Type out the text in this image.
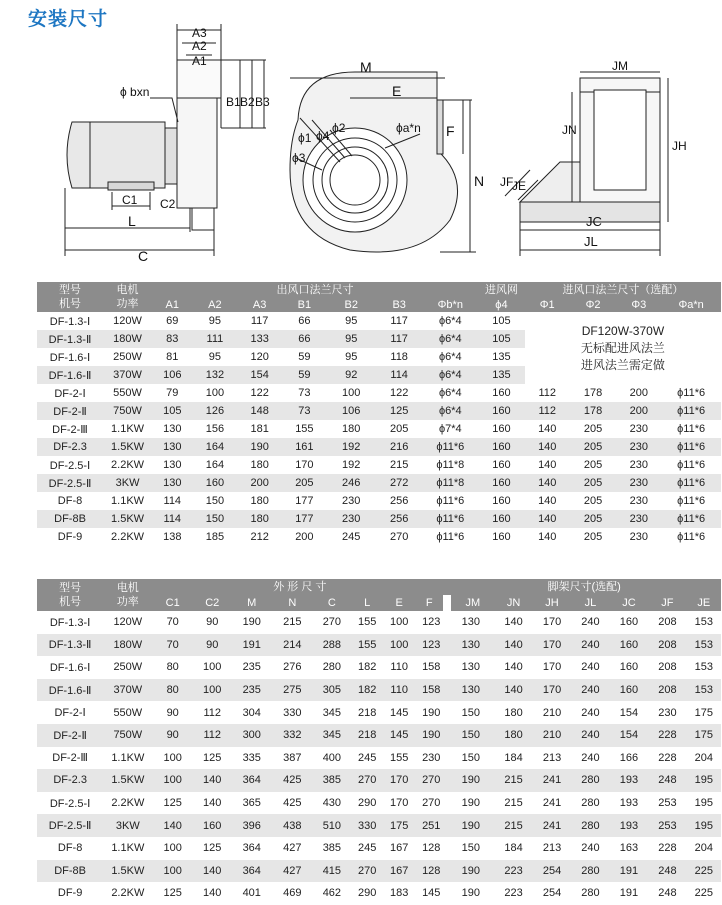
安装尺寸
A3
A2
A1
B1 B2 B3
ϕ bxn
C1 C2
L
C
M
E
F
N
ϕ1 ϕ4
ϕ2
ϕ3
ϕa*n
JM
JN
JH
JF
JE
JC
JL
型号
机号	电机
功率	出风口法兰尺寸							进风网	进风口法兰尺寸（选配）			
		A1	A2	A3	B1	B2	B3	Φb*n	ϕ4	Φ1	Φ2	Φ3	Φa*n
DF-1.3-Ⅰ	120W	69	95	117	66	95	117	ϕ6*4	105	DF120W-370W
无标配进风法兰
进风法兰需定做			
DF-1.3-Ⅱ	180W	83	111	133	66	95	117	ϕ6*4	105				
DF-1.6-Ⅰ	250W	81	95	120	59	95	118	ϕ6*4	135				
DF-1.6-Ⅱ	370W	106	132	154	59	92	114	ϕ6*4	135				
DF-2-Ⅰ	550W	79	100	122	73	100	122	ϕ6*4	160	112	178	200	ϕ11*6
DF-2-Ⅱ	750W	105	126	148	73	106	125	ϕ6*4	160	112	178	200	ϕ11*6
DF-2-Ⅲ	1.1KW	130	156	181	155	180	205	ϕ7*4	160	140	205	230	ϕ11*6
DF-2.3	1.5KW	130	164	190	161	192	216	ϕ11*6	160	140	205	230	ϕ11*6
DF-2.5-Ⅰ	2.2KW	130	164	180	170	192	215	ϕ11*8	160	140	205	230	ϕ11*6
DF-2.5-Ⅱ	3KW	130	160	200	205	246	272	ϕ11*8	160	140	205	230	ϕ11*6
DF-8	1.1KW	114	150	180	177	230	256	ϕ11*6	160	140	205	230	ϕ11*6
DF-8B	1.5KW	114	150	180	177	230	256	ϕ11*6	160	140	205	230	ϕ11*6
DF-9	2.2KW	138	185	212	200	245	270	ϕ11*6	160	140	205	230	ϕ11*6
型号
机号	电机
功率	外 形 尺 寸								脚架尺寸(选配)						
		C1	C2	M	N	C	L	E	F	JM	JN	JH	JL	JC	JF	JE
DF-1.3-Ⅰ	120W	70	90	190	215	270	155	100	123	130	140	170	240	160	208	153
DF-1.3-Ⅱ	180W	70	90	191	214	288	155	100	123	130	140	170	240	160	208	153
DF-1.6-Ⅰ	250W	80	100	235	276	280	182	110	158	130	140	170	240	160	208	153
DF-1.6-Ⅱ	370W	80	100	235	275	305	182	110	158	130	140	170	240	160	208	153
DF-2-Ⅰ	550W	90	112	304	330	345	218	145	190	150	180	210	240	154	230	175
DF-2-Ⅱ	750W	90	112	300	332	345	218	145	190	150	180	210	240	154	228	175
DF-2-Ⅲ	1.1KW	100	125	335	387	400	245	155	230	150	184	213	240	166	228	204
DF-2.3	1.5KW	100	140	364	425	385	270	170	270	190	215	241	280	193	248	195
DF-2.5-Ⅰ	2.2KW	125	140	365	425	430	290	170	270	190	215	241	280	193	253	195
DF-2.5-Ⅱ	3KW	140	160	396	438	510	330	175	251	190	215	241	280	193	253	195
DF-8	1.1KW	100	125	364	427	385	245	167	128	150	184	213	240	163	228	204
DF-8B	1.5KW	100	140	364	427	415	270	167	128	190	223	254	280	191	248	225
DF-9	2.2KW	125	140	401	469	462	290	183	145	190	223	254	280	191	248	225
